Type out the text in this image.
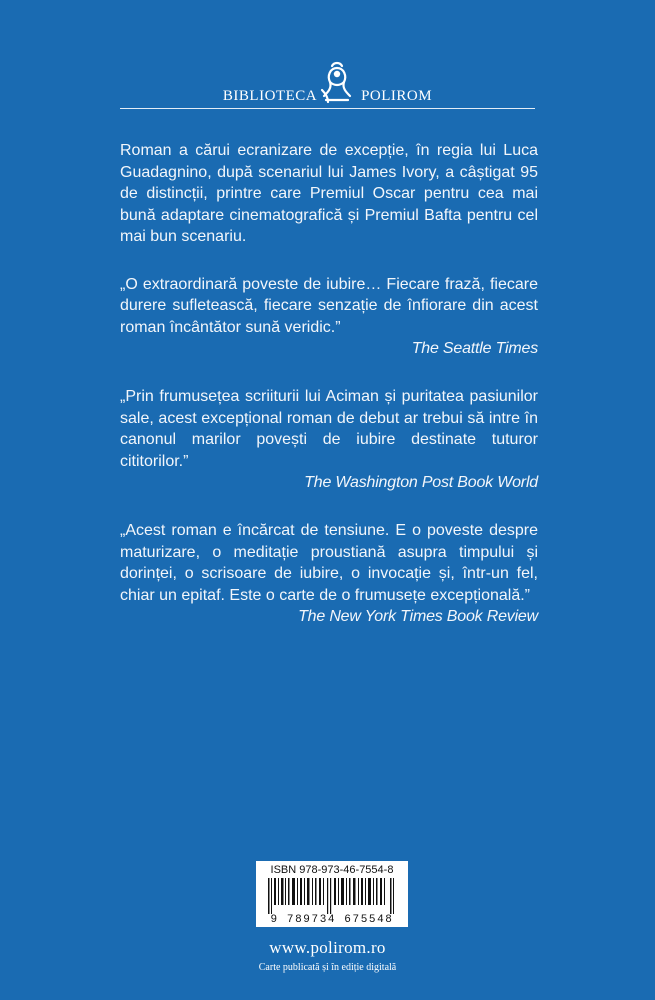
BIBLIOTECA	POLIROM

Roman a cărui ecranizare de excepție, în regia lui Luca Guadagnino, după scenariul lui James Ivory, a câștigat 95 de distincții, printre care Premiul Oscar pentru cea mai bună adaptare cinematografică și Premiul Bafta pentru cel mai bun scenariu.

„O extraordinară poveste de iubire… Fiecare frază, fiecare durere sufletească, fiecare senzație de înfiorare din acest roman încântător sună veridic.”

The Seattle Times

„Prin frumusețea scriiturii lui Aciman și puritatea pasiunilor sale, acest excepțional roman de debut ar trebui să intre în canonul marilor povești de iubire destinate tuturor cititorilor.”

The Washington Post Book World

„Acest roman e încărcat de tensiune. E o poveste despre maturizare, o meditație proustiană asupra timpului și dorinței, o scrisoare de iubire, o invocație și, într-un fel, chiar un epitaf. Este o carte de o frumusețe excepțională.”

The New York Times Book Review

ISBN 978-973-46-7554-8
9 789734 675548
www.polirom.ro
Carte publicată și în ediție digitală
